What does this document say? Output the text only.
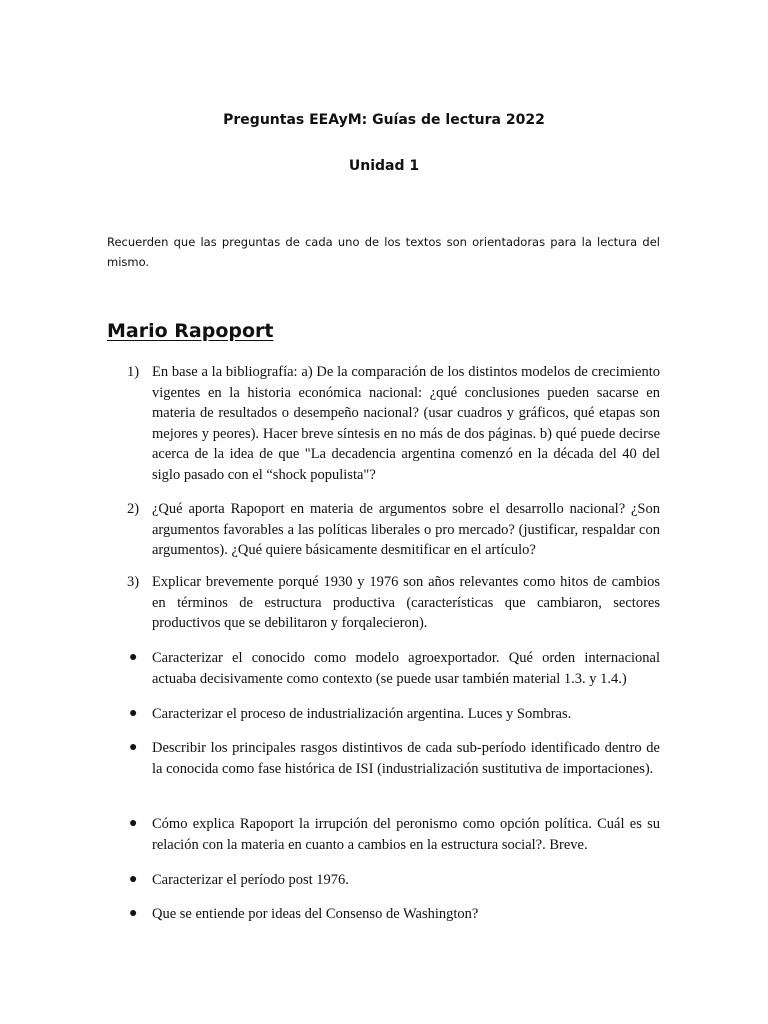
Preguntas EEAyM: Guías de lectura 2022
Unidad 1
Recuerden que las preguntas de cada uno de los textos son orientadoras para la lectura del mismo.
Mario Rapoport
1) En base a la bibliografía: a) De la comparación de los distintos modelos de crecimiento vigentes en la historia económica nacional: ¿qué conclusiones pueden sacarse en materia de resultados o desempeño nacional? (usar cuadros y gráficos, qué etapas son mejores y peores). Hacer breve síntesis en no más de dos páginas. b) qué puede decirse acerca de la idea de que "La decadencia argentina comenzó en la década del 40 del siglo pasado con el “shock populista"?
2) ¿Qué aporta Rapoport en materia de argumentos sobre el desarrollo nacional? ¿Son argumentos favorables a las políticas liberales o pro mercado? (justificar, respaldar con argumentos). ¿Qué quiere básicamente desmitificar en el artículo?
3) Explicar brevemente porqué 1930 y 1976 son años relevantes como hitos de cambios en términos de estructura productiva (características que cambiaron, sectores productivos que se debilitaron y forqalecieron).
● Caracterizar el conocido como modelo agroexportador. Qué orden internacional actuaba decisivamente como contexto (se puede usar también material 1.3. y 1.4.)
● Caracterizar el proceso de industrialización argentina. Luces y Sombras.
● Describir los principales rasgos distintivos de cada sub-período identificado dentro de la conocida como fase histórica de ISI (industrialización sustitutiva de importaciones).
● Cómo explica Rapoport la irrupción del peronismo como opción política. Cuál es su relación con la materia en cuanto a cambios en la estructura social?. Breve.
● Caracterizar el período post 1976.
● Que se entiende por ideas del Consenso de Washington?
